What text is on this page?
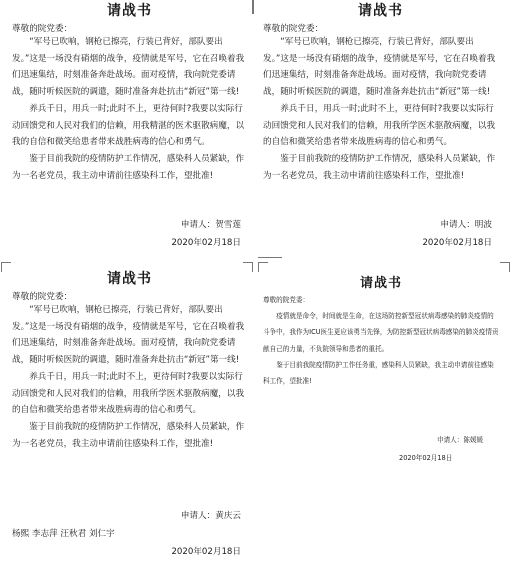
请战书
尊敬的院党委：

“军号已吹响，钢枪已擦亮，行装已背好，部队要出发。”这是一场没有硝烟的战争，疫情就是军号，它在召唤着我们迅速集结，时刻准备奔赴战场。面对疫情，我向院党委请战，随时听候医院的调遣，随时准备奔赴抗击“新冠”第一线!

养兵千日，用兵一时;此时不上，更待何时?我要以实际行动回馈党和人民对我们的信赖，用我精湛的医术驱散病魔，以我的自信和微笑给患者带来战胜病毒的信心和勇气。

鉴于目前我院的疫情防护工作情况，感染科人员紧缺，作为一名老党员，我主动申请前往感染科工作，望批准!

申请人：贺雪莲
2020年02月18日
请战书
尊敬的院党委：

“军号已吹响，钢枪已擦亮，行装已背好，部队要出发。”这是一场没有硝烟的战争，疫情就是军号，它在召唤着我们迅速集结，时刻准备奔赴战场。面对疫情，我向院党委请战，随时听候医院的调遣，随时准备奔赴抗击“新冠”第一线!

养兵千日，用兵一时;此时不上，更待何时?我要以实际行动回馈党和人民对我们的信赖，用我所学医术驱散病魔，以我的自信和微笑给患者带来战胜病毒的信心和勇气。

鉴于目前我院的疫情防护工作情况，感染科人员紧缺，作为一名老党员，我主动申请前往感染科工作，望批准!

申请人：明波
2020年02月18日
请战书
尊敬的院党委：

“军号已吹响，钢枪已擦亮，行装已背好，部队要出发。”这是一场没有硝烟的战争，疫情就是军号，它在召唤着我们迅速集结，时刻准备奔赴战场。面对疫情，我向院党委请战，随时听候医院的调遣，随时准备奔赴抗击“新冠”第一线!

养兵千日，用兵一时;此时不上，更待何时?我要以实际行动回馈党和人民对我们的信赖，用我所学医术驱散病魔，以我的自信和微笑给患者带来战胜病毒的信心和勇气。

鉴于目前我院的疫情防护工作情况，感染科人员紧缺，作为一名老党员，我主动申请前往感染科工作，望批准!

申请人：黄庆云
杨熙 李志萍 汪秋君 刘仁宇
2020年02月18日
请战书
尊敬的院党委：

疫情就是命令，时间就是生命，在这场防控新型冠状病毒感染的肺炎疫情的斗争中，我作为ICU医生更应该勇当先锋，为防控新型冠状病毒感染的肺炎疫情贡献自己的力量，不负院领导和患者的重托。

鉴于目前我院疫情防护工作任务重，感染科人员紧缺，我主动申请前往感染科工作，望批准!

申请人：陈媛媛
2020年02月18日
